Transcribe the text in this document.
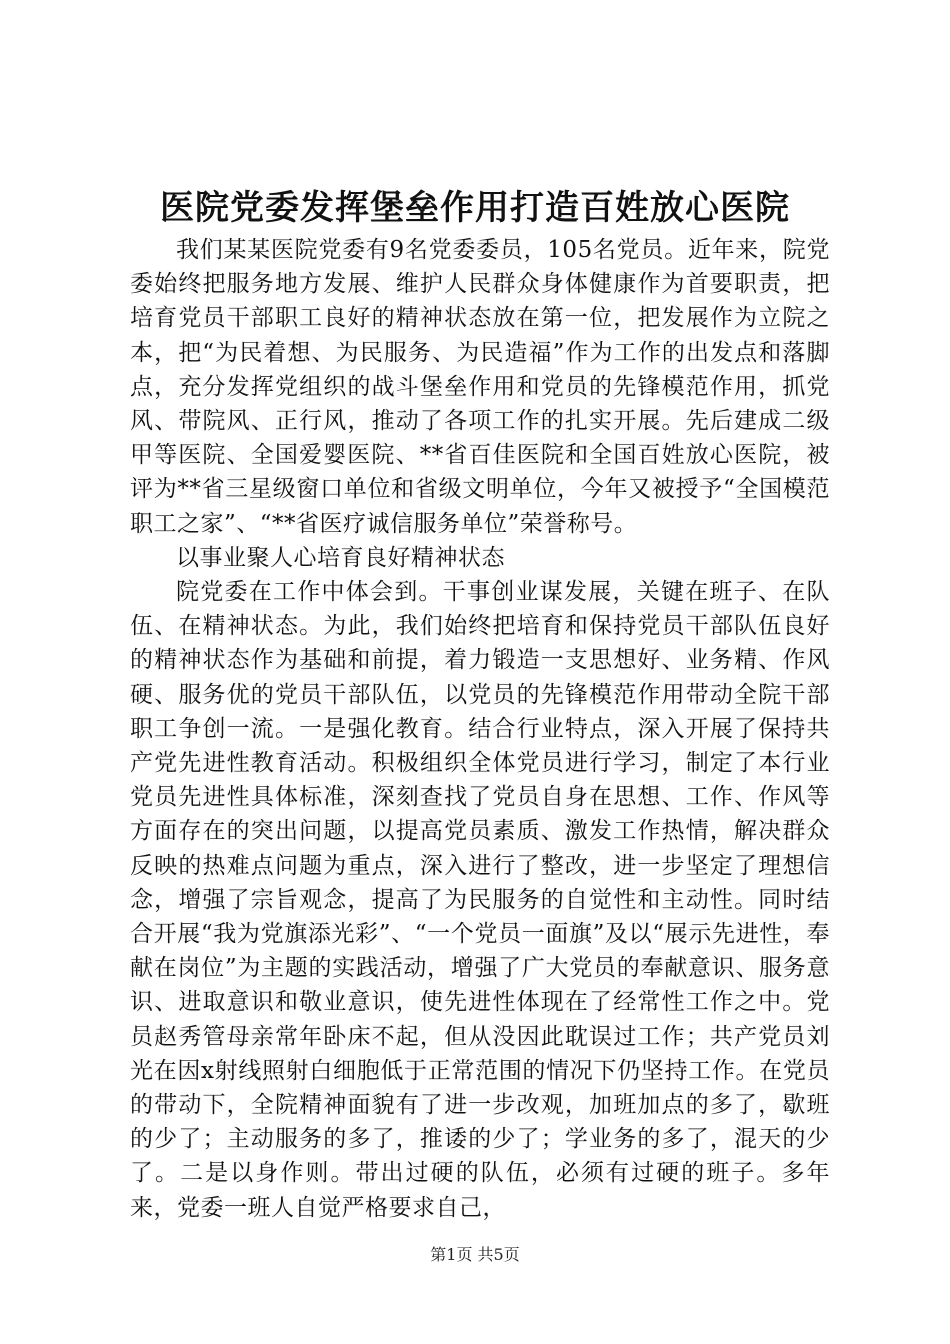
医院党委发挥堡垒作用打造百姓放心医院

我们某某医院党委有9名党委委员，105名党员。近年来，院党委始终把服务地方发展、维护人民群众身体健康作为首要职责，把培育党员干部职工良好的精神状态放在第一位，把发展作为立院之本，把“为民着想、为民服务、为民造福”作为工作的出发点和落脚点，充分发挥党组织的战斗堡垒作用和党员的先锋模范作用，抓党风、带院风、正行风，推动了各项工作的扎实开展。先后建成二级甲等医院、全国爱婴医院、**省百佳医院和全国百姓放心医院，被评为**省三星级窗口单位和省级文明单位，今年又被授予“全国模范职工之家”、“**省医疗诚信服务单位”荣誉称号。

以事业聚人心培育良好精神状态

院党委在工作中体会到。干事创业谋发展，关键在班子、在队伍、在精神状态。为此，我们始终把培育和保持党员干部队伍良好的精神状态作为基础和前提，着力锻造一支思想好、业务精、作风硬、服务优的党员干部队伍，以党员的先锋模范作用带动全院干部职工争创一流。一是强化教育。结合行业特点，深入开展了保持共产党先进性教育活动。积极组织全体党员进行学习，制定了本行业党员先进性具体标准，深刻查找了党员自身在思想、工作、作风等方面存在的突出问题，以提高党员素质、激发工作热情，解决群众反映的热难点问题为重点，深入进行了整改，进一步坚定了理想信念，增强了宗旨观念，提高了为民服务的自觉性和主动性。同时结合开展“我为党旗添光彩”、“一个党员一面旗”及以“展示先进性，奉献在岗位”为主题的实践活动，增强了广大党员的奉献意识、服务意识、进取意识和敬业意识，使先进性体现在了经常性工作之中。党员赵秀管母亲常年卧床不起，但从没因此耽误过工作；共产党员刘光在因x射线照射白细胞低于正常范围的情况下仍坚持工作。在党员的带动下，全院精神面貌有了进一步改观，加班加点的多了，歇班的少了；主动服务的多了，推诿的少了；学业务的多了，混天的少了。二是以身作则。带出过硬的队伍，必须有过硬的班子。多年来，党委一班人自觉严格要求自己，

第1页 共5页
